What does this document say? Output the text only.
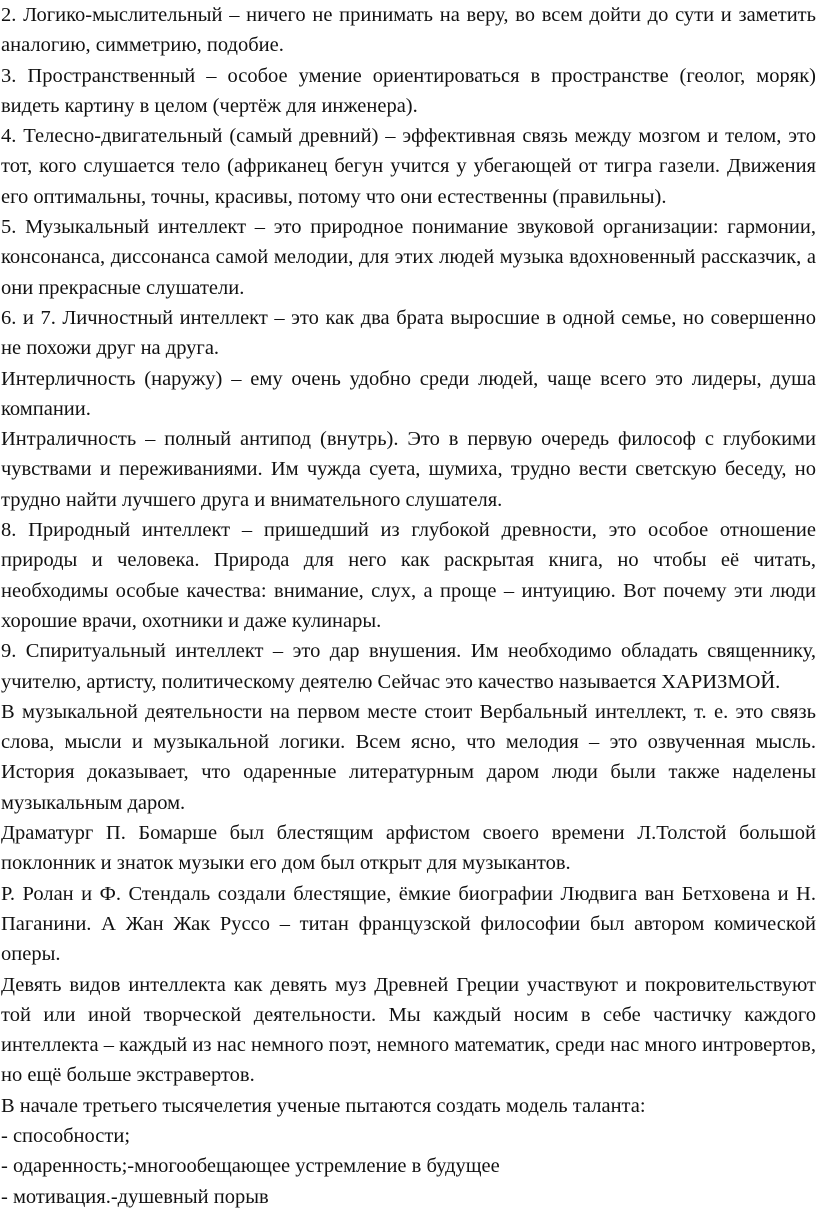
2. Логико-мыслительный – ничего не принимать на веру, во всем дойти до сути и заметить аналогию, симметрию, подобие.

3. Пространственный – особое умение ориентироваться в пространстве (геолог, моряк) видеть картину в целом (чертёж для инженера).

4. Телесно-двигательный (самый древний) – эффективная связь между мозгом и телом, это тот, кого слушается тело (африканец бегун учится у убегающей от тигра газели. Движения его оптимальны, точны, красивы, потому что они естественны (правильны).

5. Музыкальный интеллект – это природное понимание звуковой организации: гармонии, консонанса, диссонанса самой мелодии, для этих людей музыка вдохновенный рассказчик, а они прекрасные слушатели.

6. и 7. Личностный интеллект – это как два брата выросшие в одной семье, но совершенно не похожи друг на друга.

Интерличность (наружу) – ему очень удобно среди людей, чаще всего это лидеры, душа компании.

Интраличность – полный антипод (внутрь). Это в первую очередь философ с глубокими чувствами и переживаниями. Им чужда суета, шумиха, трудно вести светскую беседу, но трудно найти лучшего друга и внимательного слушателя.

8. Природный интеллект – пришедший из глубокой древности, это особое отношение природы и человека. Природа для него как раскрытая книга, но чтобы её читать, необходимы особые качества: внимание, слух, а проще – интуицию. Вот почему эти люди хорошие врачи, охотники и даже кулинары.

9. Спиритуальный интеллект – это дар внушения. Им необходимо обладать священнику, учителю, артисту, политическому деятелю Сейчас это качество называется ХАРИЗМОЙ.

В музыкальной деятельности на первом месте стоит Вербальный интеллект, т. е. это связь слова, мысли и музыкальной логики. Всем ясно, что мелодия – это озвученная мысль. История доказывает, что одаренные литературным даром люди были также наделены музыкальным даром.

Драматург П. Бомарше был блестящим арфистом своего времени Л.Толстой большой поклонник и знаток музыки его дом был открыт для музыкантов.

Р. Ролан и Ф. Стендаль создали блестящие, ёмкие биографии Людвига ван Бетховена и Н. Паганини. А Жан Жак Руссо – титан французской философии был автором комической оперы.

Девять видов интеллекта как девять муз Древней Греции участвуют и покровительствуют той или иной творческой деятельности. Мы каждый носим в себе частичку каждого интеллекта – каждый из нас немного поэт, немного математик, среди нас много интровертов, но ещё больше экстравертов.

В начале третьего тысячелетия ученые пытаются создать модель таланта:

- способности;

- одаренность;-многообещающее устремление в будущее

- мотивация.-душевный порыв
